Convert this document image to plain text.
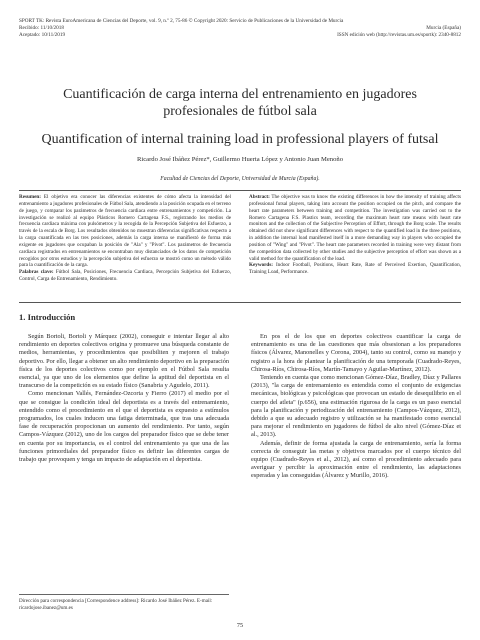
SPORT TK: Revista EuroAmericana de Ciencias del Deporte, vol. 9, n.º 2, 75-86 © Copyright 2020: Servicio de Publicaciones de la Universidad de Murcia
Recibido: 11/10/2018	Murcia (España)
Aceptado: 10/11/2019	ISSN edición web (http://revistas.um.es/sportk): 2340-8812
Cuantificación de carga interna del entrenamiento en jugadores profesionales de fútbol sala
Quantification of internal training load in professional players of futsal
Ricardo José Ibáñez Pérez*, Guillermo Huerta López y Antonio Juan Menoño
Facultad de Ciencias del Deporte, Universidad de Murcia (España).
Resumen: El objetivo era conocer las diferencias existentes de cómo afecta la intensidad del entrenamiento a jugadores profesionales de Fútbol Sala, atendiendo a la posición ocupada en el terreno de juego, y comparar los parámetros de frecuencia cardiaca entre entrenamientos y competición. La investigación se realizó al equipo Plásticos Romero Cartagena F.S., registrando los medios de frecuencia cardiaca máxima con pulsómetros y la recogida de la Percepción Subjetiva del Esfuerzo, a través de la escala de Borg. Los resultados obtenidos no muestran diferencias significativas respecto a la carga cuantificada en las tres posiciones, además la carga interna se manifiestó de forma más exigente en jugadores que ocupaban la posición de "Ala" y "Pívot". Los parámetros de frecuencia cardiaca registrados en entrenamientos se encontraban muy distanciados de los datos de competición recogidos por otros estudios y la percepción subjetiva del esfuerzo se mostró como un método válido para la cuantificación de la carga.
Palabras clave: Fútbol Sala, Posiciones, Frecuencia Cardiaca, Percepción Subjetiva del Esfuerzo, Control, Carga de Entrenamiento, Rendimiento.
Abstract: The objective was to know the existing differences in how the intensity of training affects professional futsal players, taking into account the position occupied on the pitch, and compare the heart rate parameters between training and competition. The investigation was carried out to the Romero Cartagena F.S. Plastics team, recording the maximum heart rate means with heart rate monitors and the collection of the Subjective Perception of Effort, through the Borg scale. The results obtained did not show significant differences with respect to the quantified load in the three positions, in addition the internal load manifested itself in a more demanding way in players who occupied the position of "Wing" and "Pivot". The heart rate parameters recorded in training were very distant from the competition data collected by other studies and the subjective perception of effort was shown as a valid method for the quantification of the load.
Keywords: Indoor Football, Positions, Heart Rate, Rate of Perceived Exertion, Quantification, Training Load, Performance.
1. Introducción

Según Bortoli, Bortoli y Márquez (2002), conseguir e intentar llegar al alto rendimiento en deportes colectivos origina y promueve una búsqueda constante de medios, herramientas, y procedimientos que posibiliten y mejoren el trabajo deportivo. Por ello, llegar a obtener un alto rendimiento deportivo en la preparación física de los deportes colectivos como por ejemplo en el Fútbol Sala resulta esencial, ya que uno de los elementos que define la aptitud del deportista en el transcurso de la competición es su estado físico (Sanabria y Agudelo, 2011).

Como mencionan Vallés, Fernández-Ozcorta y Fierro (2017) el medio por el que se consigue la condición ideal del deportista es a través del entrenamiento, entendido como el procedimiento en el que el deportista es expuesto a estímulos programados, los cuales inducen una fatiga determinada, que tras una adecuada fase de recuperación propocionan un aumento del rendimiento. Por tanto, según Campos-Vázquez (2012), uno de los cargos del preparador físico que se debe tener en cuenta por su importancia, es el control del entrenamiento ya que una de las funciones primordiales del preparador físico es definir las diferentes cargas de trabajo que provoquen y tenga un impacto de adaptación en el deportista.

En pos el de los que en deportes colectivos cuantificar la carga de entrenamiento es una de las cuestiones que más obsesionan a los preparadores físicos (Álvarez, Manonelles y Corona, 2004), tanto su control, como su manejo y registro a la hora de plantear la planificación de una temporada (Cuadrado-Reyes, Chirosa-Ríos, Chirosa-Ríos, Martín-Tamayo y Aguilar-Martínez, 2012).

Teniendo en cuenta que como mencionan Gómez-Díaz, Bradley, Díaz y Pallares (2013), "la carga de entrenamiento es entendida como el conjunto de exigencias mecánicas, biológicas y psicológicas que provocan un estado de desequilibrio en el cuerpo del atleta" (p.656), una estimación rigurosa de la carga es un paso esencial para la planificación y periodización del entrenamiento (Campos-Vázquez, 2012), debido a que su adecuado registro y utilización se ha manifestado como esencial para mejorar el rendimiento en jugadores de fútbol de alto nivel (Gómez-Díaz et al., 2013).

Además, definir de forma ajustada la carga de entrenamiento, sería la forma correcta de conseguir las metas y objetivos marcados por el cuerpo técnico del equipo (Cuadrado-Reyes et al., 2012), así como el procedimiento adecuado para averiguar y percibir la aproximación entre el rendimiento, las adaptaciones esperadas y las conseguidas (Álvarez y Murillo, 2016).

Dirección para correspondencia [Correspondence address]: Ricardo José Ibáñez Pérez. E-mail: ricardojose.ibanez@um.es
75
